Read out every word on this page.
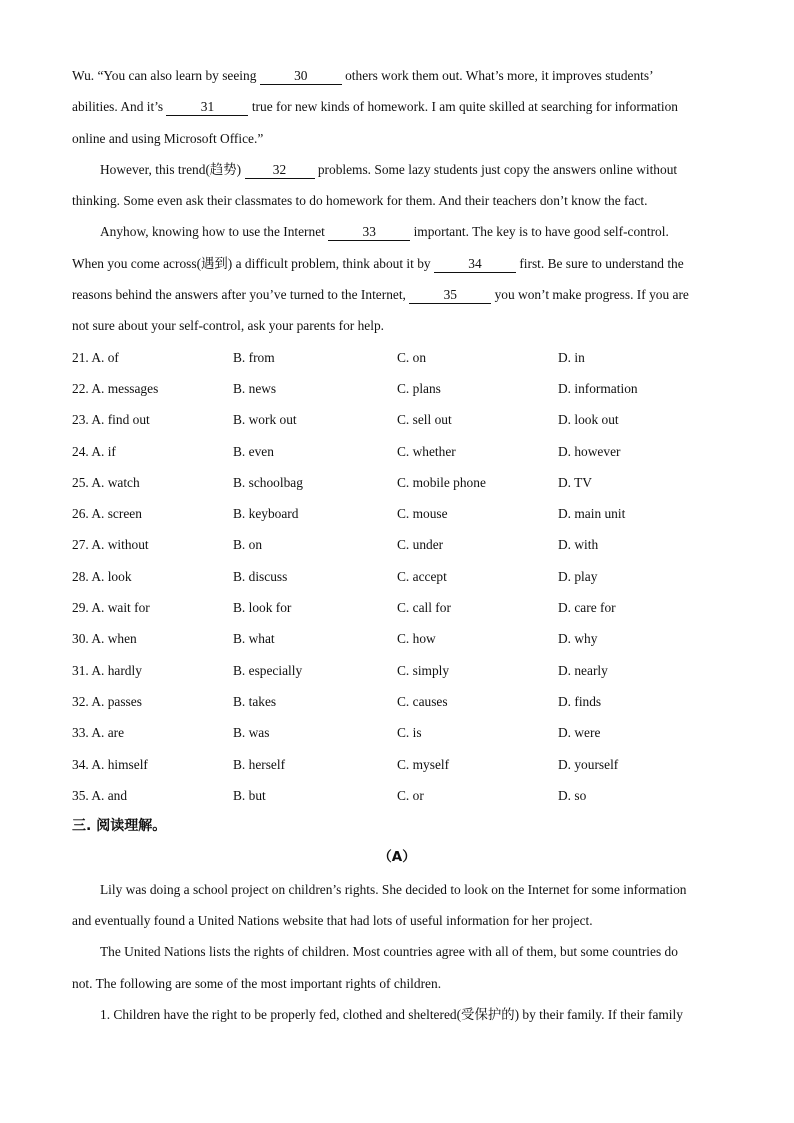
Wu. “You can also learn by seeing	30	others work them out. What’s more, it improves students’
abilities. And it’s	31	true for new kinds of homework. I am quite skilled at searching for information
online and using Microsoft Office.”
However, this trend(趋势) 32 problems. Some lazy students just copy the answers online without
thinking. Some even ask their classmates to do homework for them. And their teachers don’t know the fact.
Anyhow, knowing how to use the Internet	33	important. The key is to have good self-control.
When you come across(遇到) a difficult problem, think about it by	34	first. Be sure to understand the
reasons behind the answers after you’ve turned to the Internet,	35	you won’t make progress. If you are
not sure about your self-control, ask your parents for help.
21. A. of	B. from	C. on	D. in
22. A. messages	B. news	C. plans	D. information
23. A. find out	B. work out	C. sell out	D. look out
24. A. if	B. even	C. whether	D. however
25. A. watch	B. schoolbag	C. mobile phone	D. TV
26. A. screen	B. keyboard	C. mouse	D. main unit
27. A. without	B. on	C. under	D. with
28. A. look	B. discuss	C. accept	D. play
29. A. wait for	B. look for	C. call for	D. care for
30. A. when	B. what	C. how	D. why
31. A. hardly	B. especially	C. simply	D. nearly
32. A. passes	B. takes	C. causes	D. finds
33. A. are	B. was	C. is	D. were
34. A. himself	B. herself	C. myself	D. yourself
35. A. and	B. but	C. or	D. so
三. 阅读理解。
（A）
Lily was doing a school project on children’s rights. She decided to look on the Internet for some information
and eventually found a United Nations website that had lots of useful information for her project.
The United Nations lists the rights of children. Most countries agree with all of them, but some countries do
not. The following are some of the most important rights of children.
1. Children have the right to be properly fed, clothed and sheltered(受保护的) by their family. If their family
